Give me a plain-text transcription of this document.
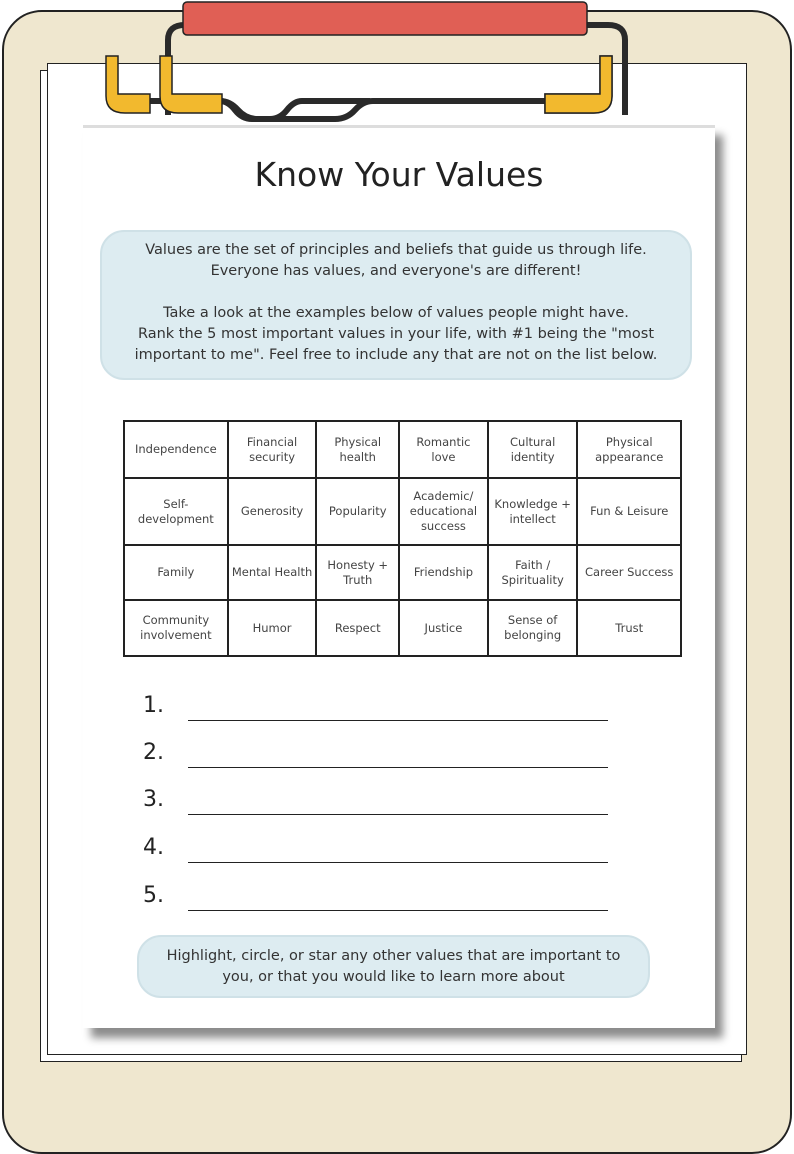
Know Your Values

Values are the set of principles and beliefs that guide us through life.

Everyone has values, and everyone's are different!

Take a look at the examples below of values people might have.

Rank the 5 most important values in your life, with #1 being the "most

important to me". Feel free to include any that are not on the list below.

Independence	Financial security	Physical health	Romantic love	Cultural identity	Physical appearance
Self-development	Generosity	Popularity	Academic/ educational success	Knowledge + intellect	Fun & Leisure
Family	Mental Health	Honesty + Truth	Friendship	Faith / Spirituality	Career Success
Community involvement	Humor	Respect	Justice	Sense of belonging	Trust
1.
2.
3.
4.
5.

Highlight, circle, or star any other values that are important to

you, or that you would like to learn more about
